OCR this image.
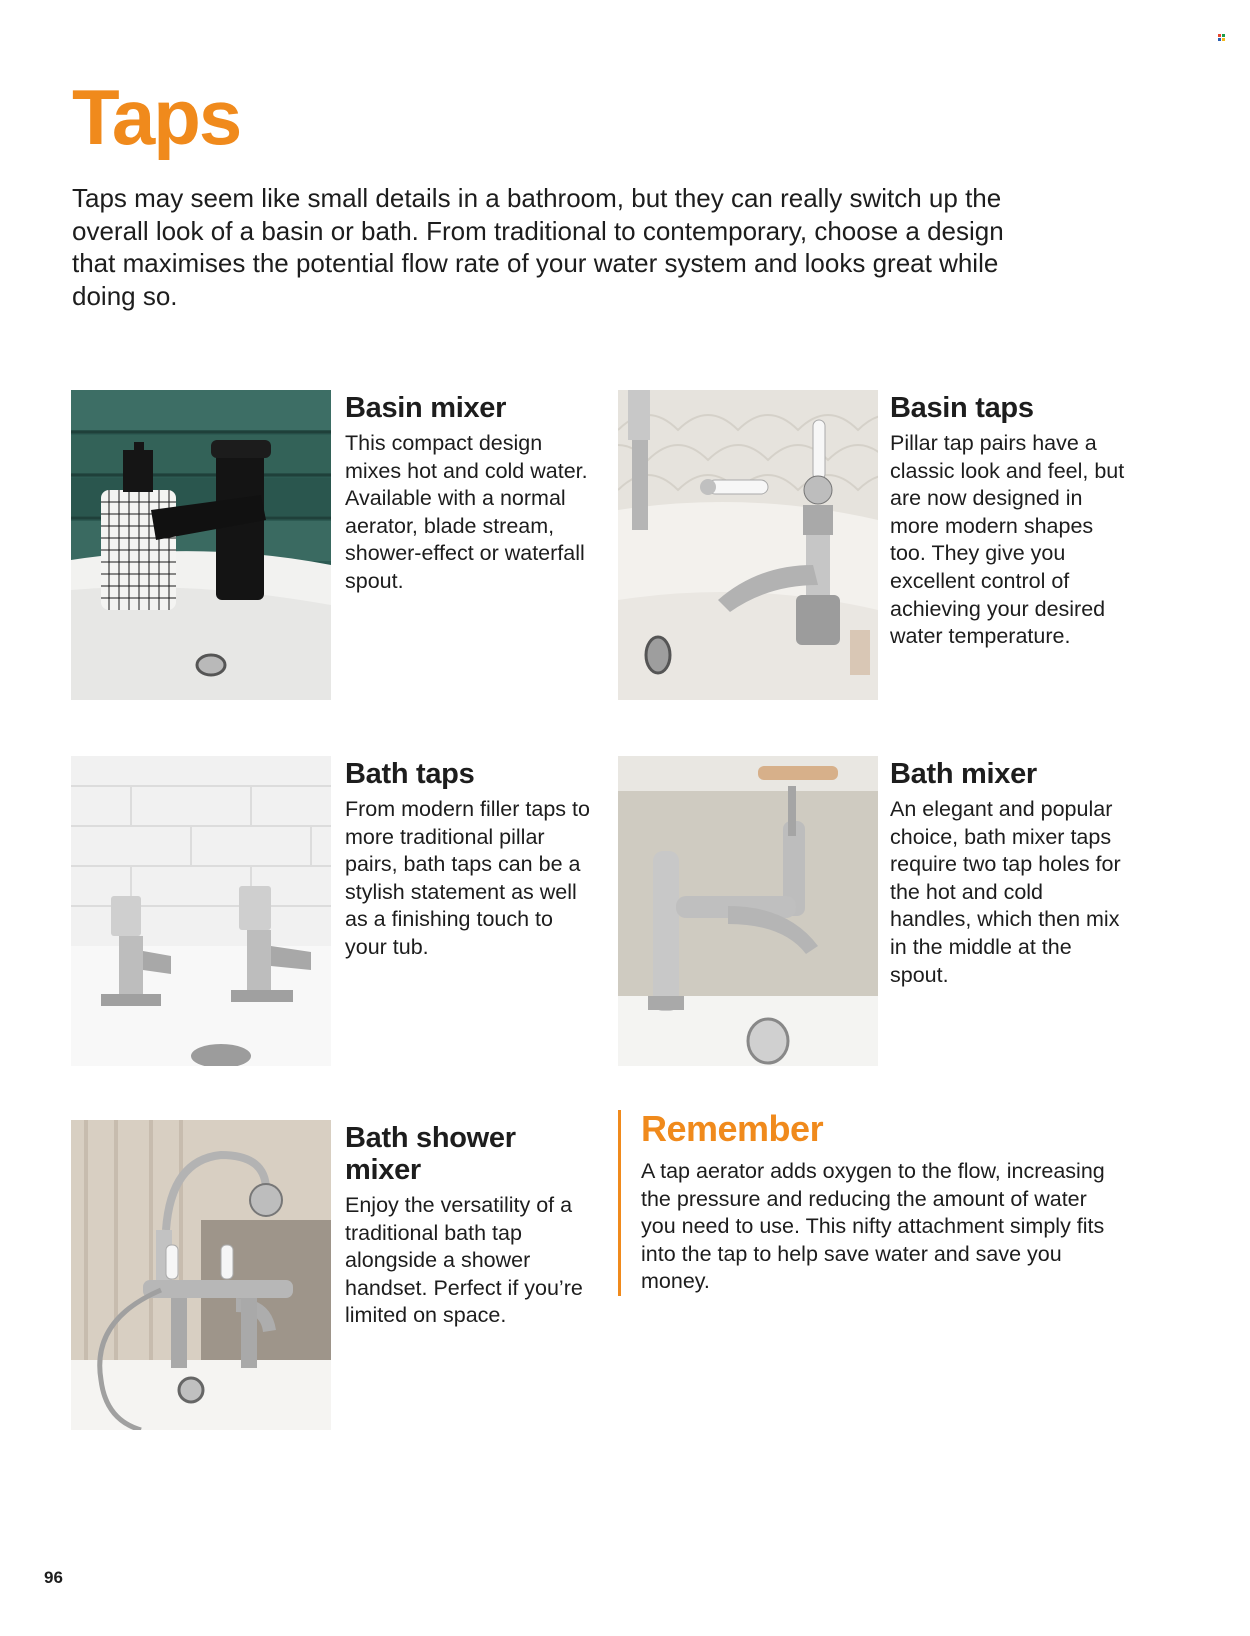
Taps

Taps may seem like small details in a bathroom, but they can really switch up the overall look of a basin or bath. From traditional to contemporary, choose a design that maximises the potential flow rate of your water system and looks great while doing so.

Basin mixer

This compact design mixes hot and cold water. Available with a normal aerator, blade stream, shower-effect or waterfall spout.

Basin taps

Pillar tap pairs have a classic look and feel, but are now designed in more modern shapes too. They give you excellent control of achieving your desired water temperature.

Bath taps

From modern filler taps to more traditional pillar pairs, bath taps can be a stylish statement as well as a finishing touch to your tub.

Bath mixer

An elegant and popular choice, bath mixer taps require two tap holes for the hot and cold handles, which then mix in the middle at the spout.

Bath shower mixer

Enjoy the versatility of a traditional bath tap alongside a shower handset. Perfect if you’re limited on space.

Remember

A tap aerator adds oxygen to the flow, increasing the pressure and reducing the amount of water you need to use. This nifty attachment simply fits into the tap to help save water and save you money.

96
